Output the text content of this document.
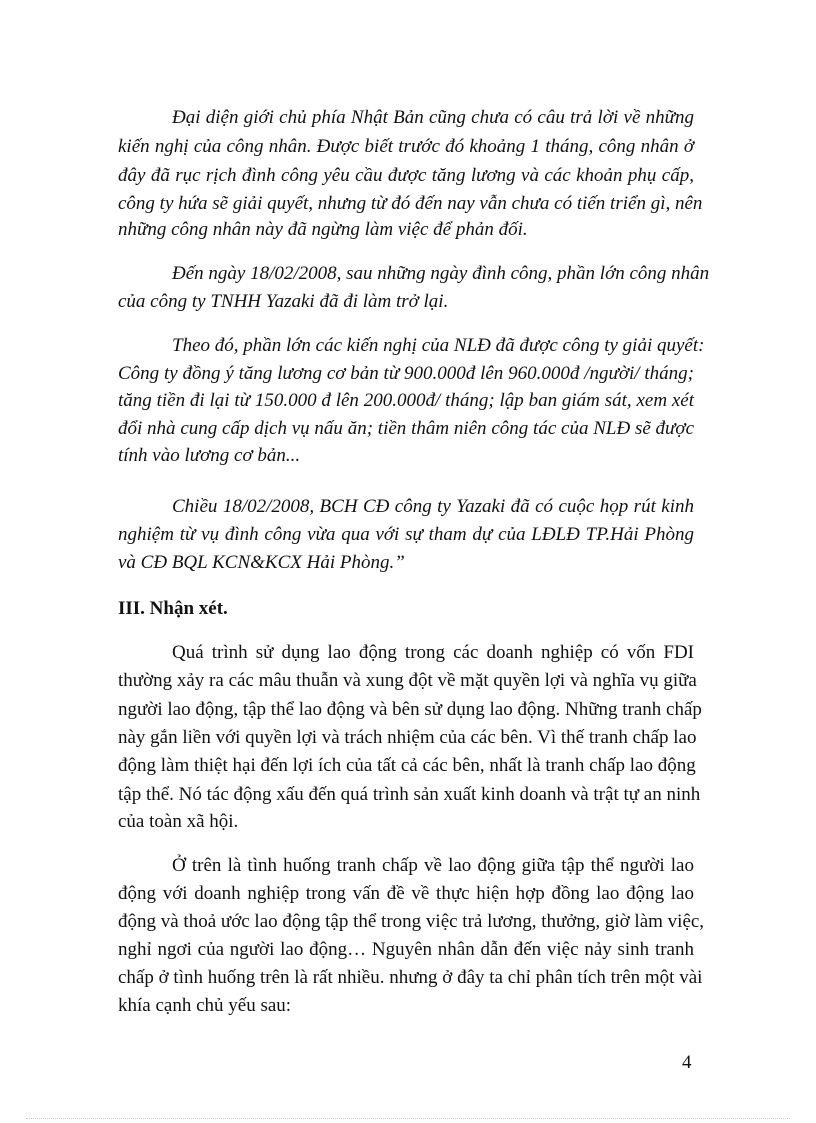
Đại diện giới chủ phía Nhật Bản cũng chưa có câu trả lời về những

kiến nghị của công nhân. Được biết trước đó khoảng 1 tháng, công nhân ở

đây đã rục rịch đình công yêu cầu được tăng lương và các khoản phụ cấp,

công ty hứa sẽ giải quyết, nhưng từ đó đến nay vẫn chưa có tiến triển gì, nên

những công nhân này đã ngừng làm việc để phản đối.

Đến ngày 18/02/2008, sau những ngày đình công, phần lớn công nhân

của công ty TNHH Yazaki đã đi làm trở lại.

Theo đó, phần lớn các kiến nghị của NLĐ đã được công ty giải quyết:

Công ty đồng ý tăng lương cơ bản từ 900.000đ lên 960.000đ /người/ tháng;

tăng tiền đi lại từ 150.000 đ lên 200.000đ/ tháng; lập ban giám sát, xem xét

đổi nhà cung cấp dịch vụ nấu ăn; tiền thâm niên công tác của NLĐ sẽ được

tính vào lương cơ bản...

Chiều 18/02/2008, BCH CĐ công ty Yazaki đã có cuộc họp rút kinh

nghiệm từ vụ đình công vừa qua với sự tham dự của LĐLĐ TP.Hải Phòng

và CĐ BQL KCN&KCX Hải Phòng.”

III. Nhận xét.

Quá trình sử dụng lao động trong các doanh nghiệp có vốn FDI

thường xảy ra các mâu thuẫn và xung đột về mặt quyền lợi và nghĩa vụ giữa

người lao động, tập thể lao động và bên sử dụng lao động. Những tranh chấp

này gắn liền với quyền lợi và trách nhiệm của các bên. Vì thế tranh chấp lao

động làm thiệt hại đến lợi ích của tất cả các bên, nhất là tranh chấp lao động

tập thể. Nó tác động xấu đến quá trình sản xuất kinh doanh và trật tự an ninh

của toàn xã hội.

Ở trên là tình huống tranh chấp về lao động giữa tập thể người lao

động với doanh nghiệp trong vấn đề về thực hiện hợp đồng lao động lao

động và thoả ước lao động tập thể trong việc trả lương, thưởng, giờ làm việc,

nghỉ ngơi của người lao động… Nguyên nhân dẫn đến việc nảy sinh tranh

chấp ở tình huống trên là rất nhiều. nhưng ở đây ta chỉ phân tích trên một vài

khía cạnh chủ yếu sau:

4
